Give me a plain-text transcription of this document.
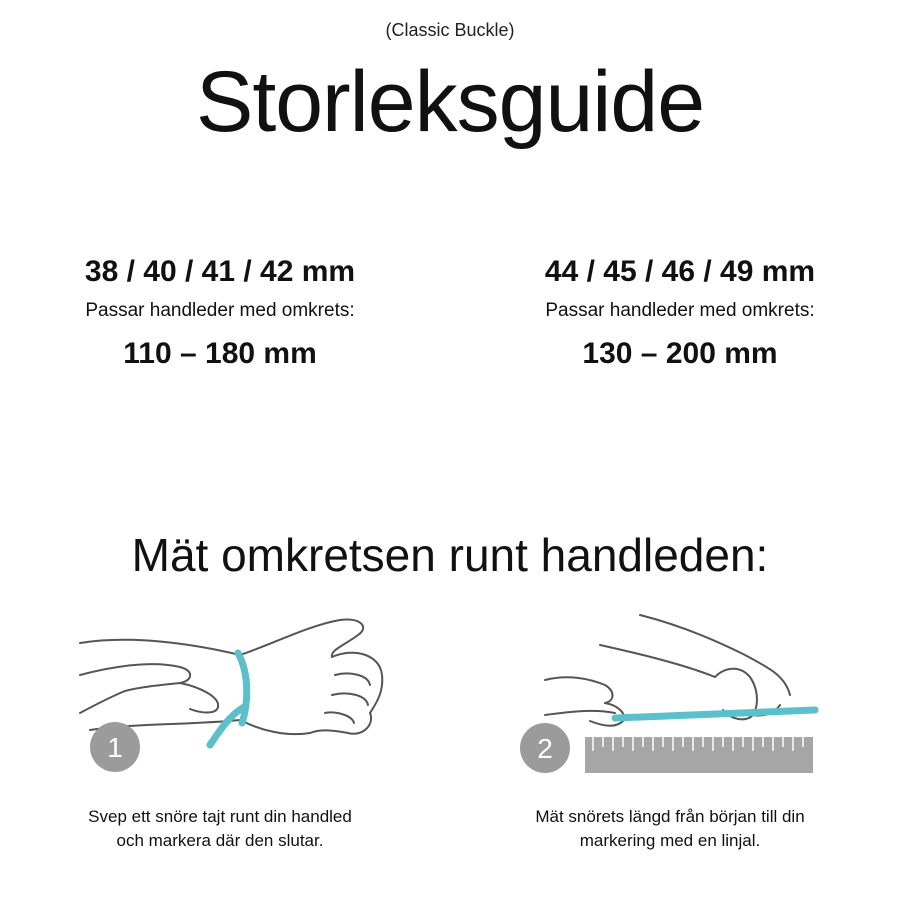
(Classic Buckle)
Storleksguide
38 / 40 / 41 / 42 mm
Passar handleder med omkrets:
110 – 180 mm
44 / 45 / 46 / 49 mm
Passar handleder med omkrets:
130 – 200 mm
Mät omkretsen runt handleden:
1	2
Svep ett snöre tajt runt din handled
och markera där den slutar.
Mät snörets längd från början till din
markering med en linjal.
